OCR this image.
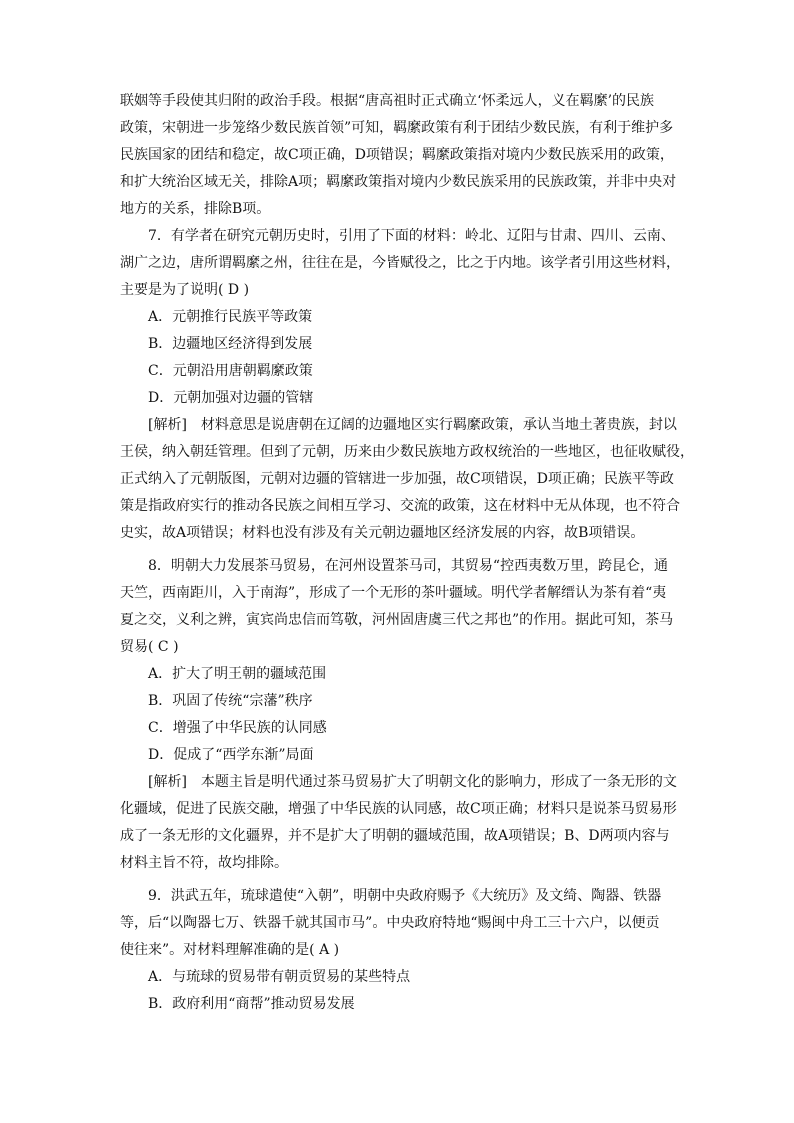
联姻等手段使其归附的政治手段。根据“唐高祖时正式确立‘怀柔远人，义在羁縻’的民族
政策，宋朝进一步笼络少数民族首领”可知，羁縻政策有利于团结少数民族，有利于维护多
民族国家的团结和稳定，故C项正确，D项错误；羁縻政策指对境内少数民族采用的政策，
和扩大统治区域无关，排除A项；羁縻政策指对境内少数民族采用的民族政策，并非中央对
地方的关系，排除B项。
7．有学者在研究元朝历史时，引用了下面的材料：岭北、辽阳与甘肃、四川、云南、
湖广之边，唐所谓羁縻之州，往往在是，今皆赋役之，比之于内地。该学者引用这些材料，
主要是为了说明( D )
A．元朝推行民族平等政策
B．边疆地区经济得到发展
C．元朝沿用唐朝羁縻政策
D．元朝加强对边疆的管辖
[解析]　材料意思是说唐朝在辽阔的边疆地区实行羁縻政策，承认当地土著贵族，封以
王侯，纳入朝廷管理。但到了元朝，历来由少数民族地方政权统治的一些地区，也征收赋役，
正式纳入了元朝版图，元朝对边疆的管辖进一步加强，故C项错误，D项正确；民族平等政
策是指政府实行的推动各民族之间相互学习、交流的政策，这在材料中无从体现，也不符合
史实，故A项错误；材料也没有涉及有关元朝边疆地区经济发展的内容，故B项错误。
8．明朝大力发展茶马贸易，在河州设置茶马司，其贸易“控西夷数万里，跨昆仑，通
天竺，西南距川，入于南海”，形成了一个无形的茶叶疆域。明代学者解缙认为茶有着“夷
夏之交，义利之辨，寅宾尚忠信而笃敬，河州固唐虞三代之邦也”的作用。据此可知，茶马
贸易( C )
A．扩大了明王朝的疆域范围
B．巩固了传统“宗藩”秩序
C．增强了中华民族的认同感
D．促成了“西学东渐”局面
[解析]　本题主旨是明代通过茶马贸易扩大了明朝文化的影响力，形成了一条无形的文
化疆域，促进了民族交融，增强了中华民族的认同感，故C项正确；材料只是说茶马贸易形
成了一条无形的文化疆界，并不是扩大了明朝的疆域范围，故A项错误；B、D两项内容与
材料主旨不符，故均排除。
9．洪武五年，琉球遣使“入朝”，明朝中央政府赐予《大统历》及文绮、陶器、铁器
等，后“以陶器七万、铁器千就其国市马”。中央政府特地“赐闽中舟工三十六户，以便贡
使往来”。对材料理解准确的是( A )
A．与琉球的贸易带有朝贡贸易的某些特点
B．政府利用“商帮”推动贸易发展
